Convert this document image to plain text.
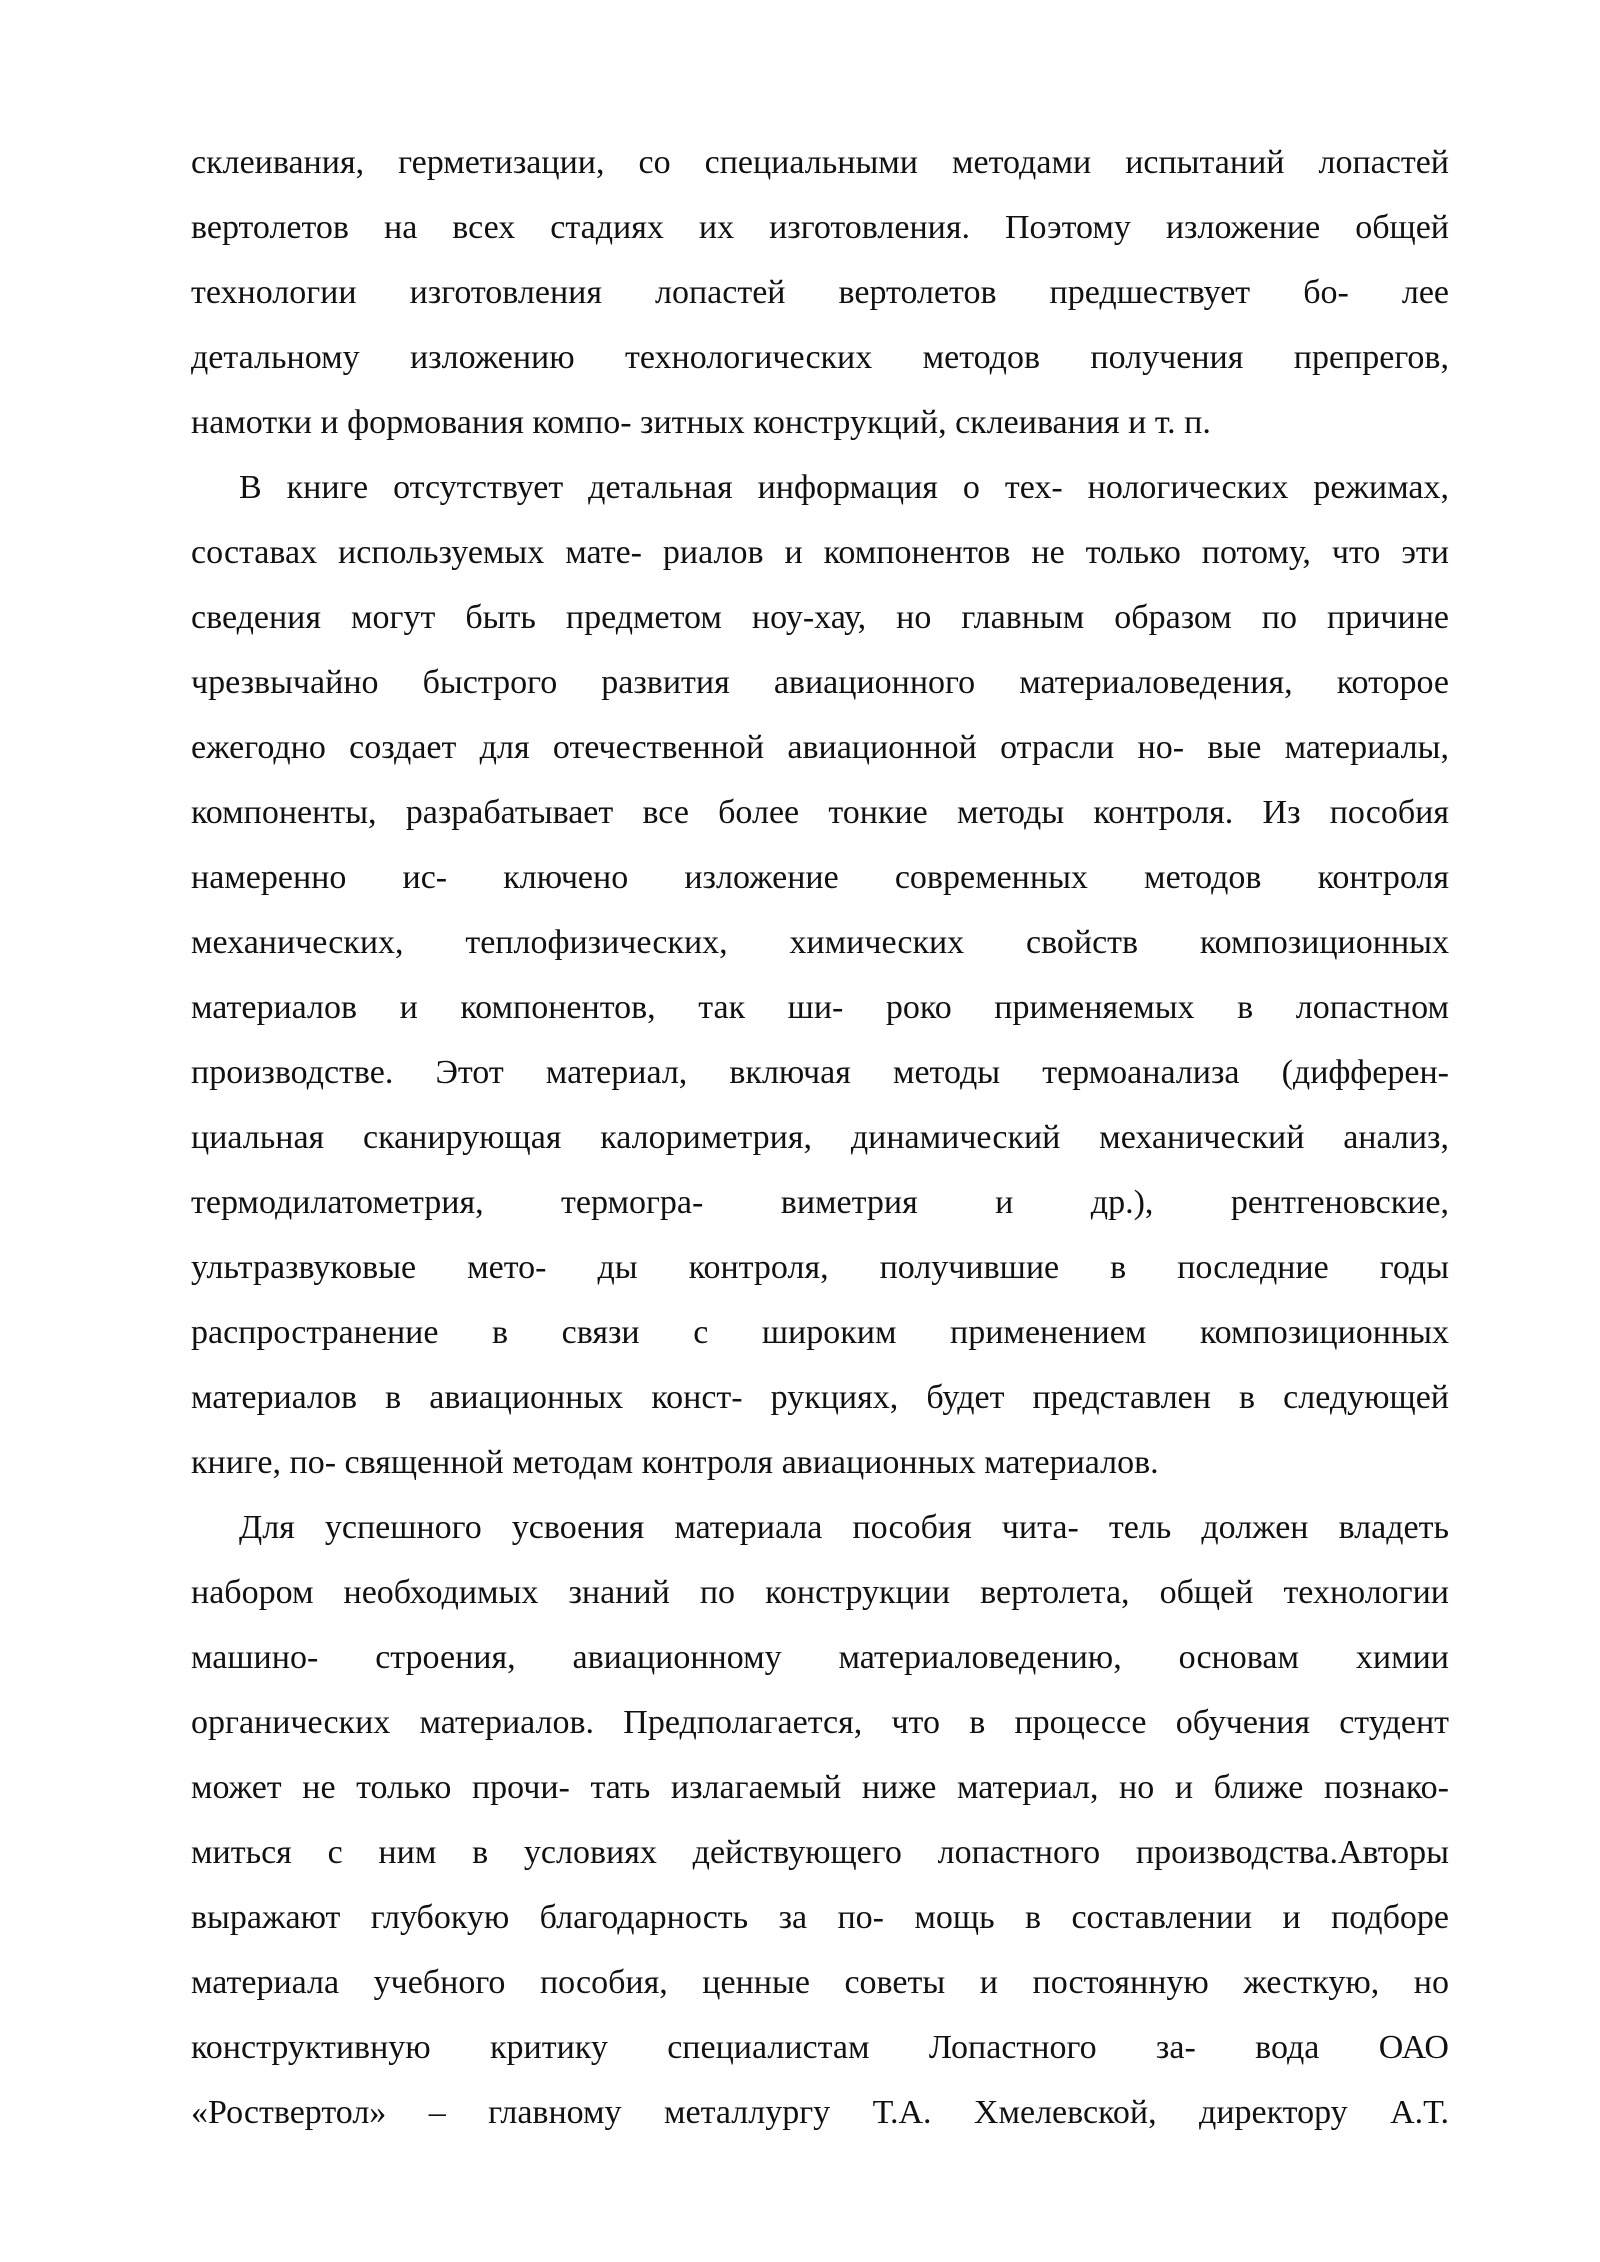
склеивания, герметизации, со специальными методами испытаний лопастей
вертолетов на всех стадиях их изготовления. Поэтому изложение общей
технологии изготовления лопастей вертолетов предшествует бо- лее
детальному изложению технологических методов получения препрегов,
намотки и формования компо- зитных конструкций, склеивания и т. п.
В книге отсутствует детальная информация о тех- нологических режимах,
составах используемых мате- риалов и компонентов не только потому, что эти
сведения могут быть предметом ноу-хау, но главным образом по причине
чрезвычайно быстрого развития авиационного материаловедения, которое
ежегодно создает для отечественной авиационной отрасли но- вые материалы,
компоненты, разрабатывает все более тонкие методы контроля. Из пособия
намеренно ис- ключено изложение современных методов контроля
механических, теплофизических, химических свойств композиционных
материалов и компонентов, так ши- роко применяемых в лопастном
производстве. Этот материал, включая методы термоанализа (дифферен-
циальная сканирующая калориметрия, динамический механический анализ,
термодилатометрия, термогра- виметрия и др.), рентгеновские,
ультразвуковые мето- ды контроля, получившие в последние годы
распространение в связи с широким применением композиционных
материалов в авиационных конст- рукциях, будет представлен в следующей
книге, по- священной методам контроля авиационных материалов.
Для успешного усвоения материала пособия чита- тель должен владеть
набором необходимых знаний по конструкции вертолета, общей технологии
машино- строения, авиационному материаловедению, основам химии
органических материалов. Предполагается, что в процессе обучения студент
может не только прочи- тать излагаемый ниже материал, но и ближе познако-
миться с ним в условиях действующего лопастного производства.Авторы
выражают глубокую благодарность за по- мощь в составлении и подборе
материала учебного пособия, ценные советы и постоянную жесткую, но
конструктивную критику специалистам Лопастного за- вода ОАО
«Роствертол» – главному металлургу Т.А. Хмелевской, директору А.Т.
